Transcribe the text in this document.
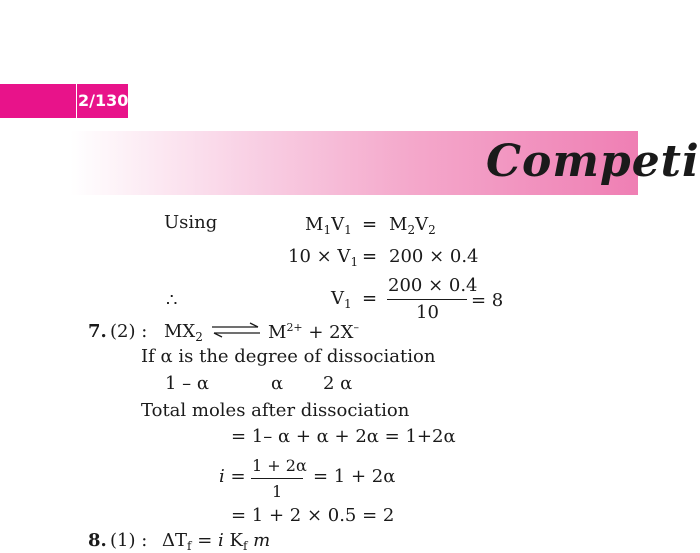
2/130
Competi
Using	$M_1V_1 = M_2V_2$
$10 \times V_1 = 200 \times 0.4$
∴	$V_1$ =
200 × 0.4
10
= 8
7. (2) : $MX_2$ ⇌ $M^{2+} + 2X^-$
If α is the degree of dissociation
1 – α	α 2 α
Total moles after dissociation
= 1– α + α + 2α = 1+2α
i =
1 + 2α
1
= 1 + 2α
= 1 + 2 × 0.5 = 2
8. (1) : $\Delta T_f = i$ $K_f$ m
